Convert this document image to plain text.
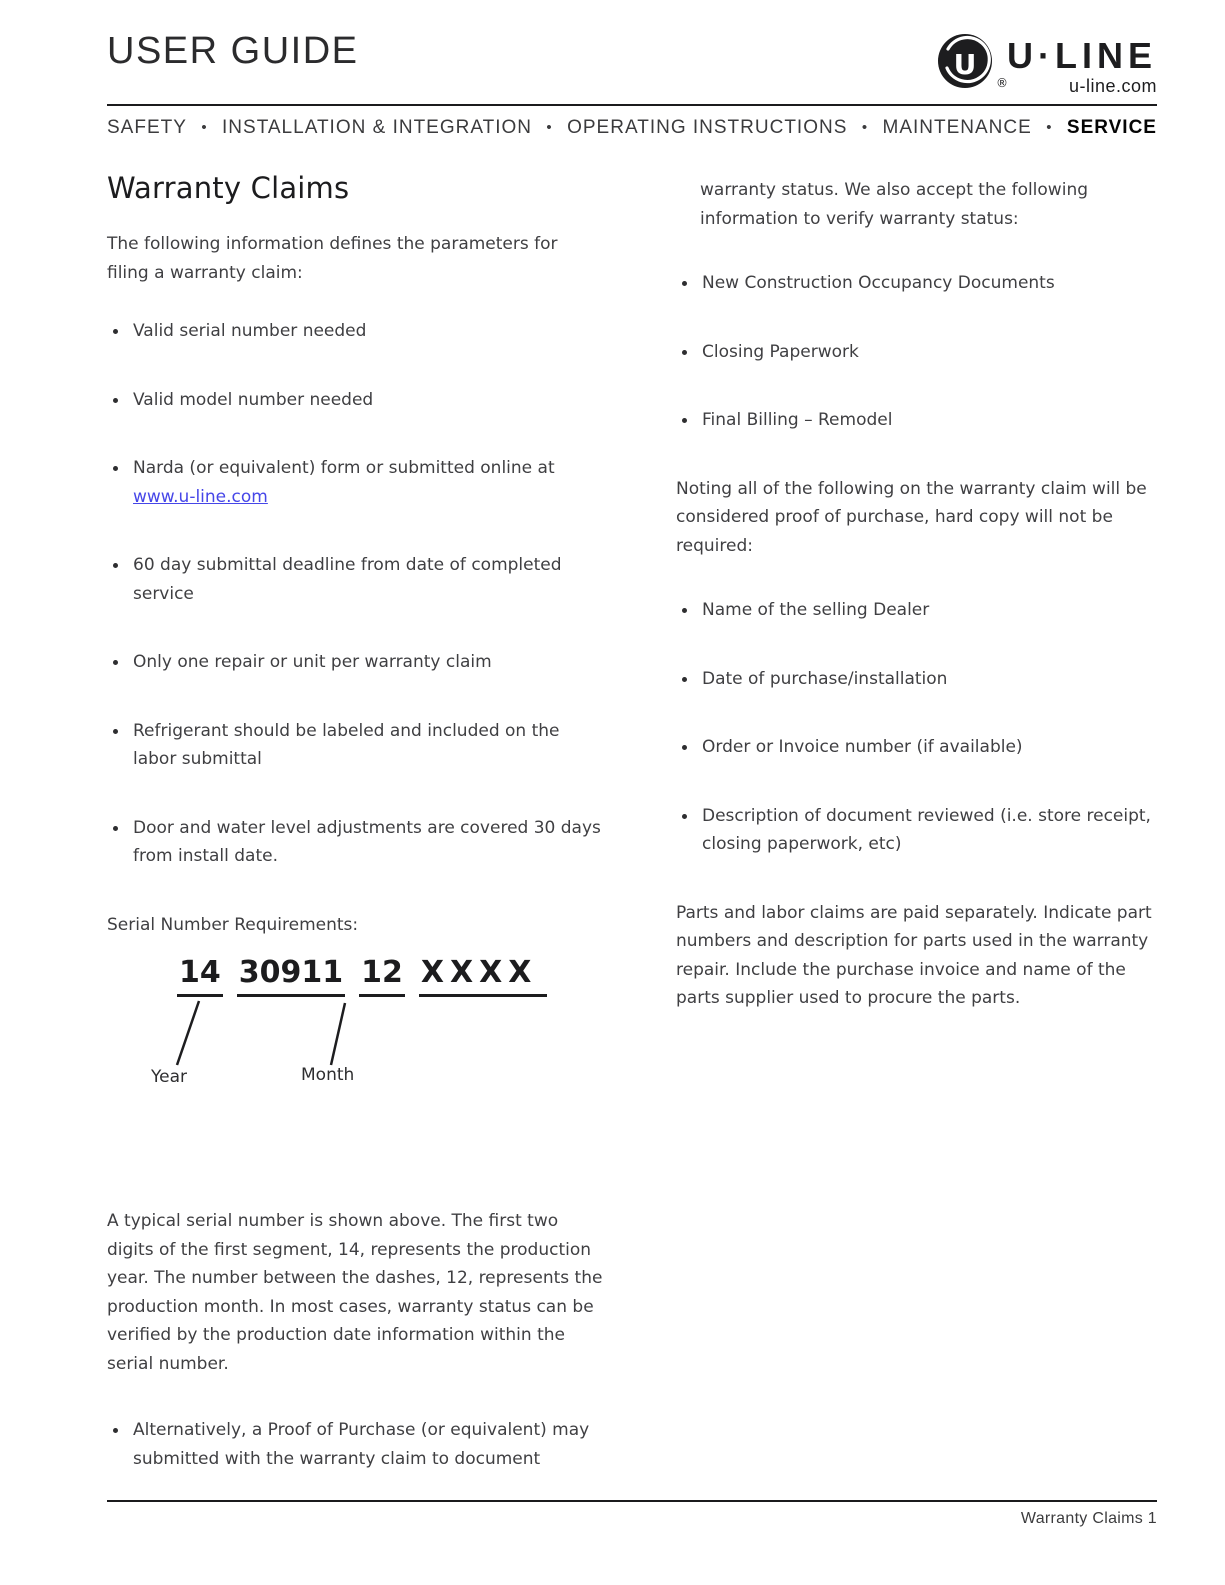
USER GUIDE	U
®
U·LINE
u-line.com
SAFETY • INSTALLATION & INTEGRATION • OPERATING INSTRUCTIONS • MAINTENANCE • SERVICE
Warranty Claims

The following information defines the parameters for filing a warranty claim:

Valid serial number needed
Valid model number needed
Narda (or equivalent) form or submitted online at www.u-line.com
60 day submittal deadline from date of completed service
Only one repair or unit per warranty claim
Refrigerant should be labeled and included on the labor submittal
Door and water level adjustments are covered 30 days from install date.

Serial Number Requirements:

14 30911 12 XXXX
Year	Month

A typical serial number is shown above. The first two digits of the first segment, 14, represents the production year. The number between the dashes, 12, represents the production month. In most cases, warranty status can be verified by the production date information within the serial number.

Alternatively, a Proof of Purchase (or equivalent) may submitted with the warranty claim to document

warranty status. We also accept the following information to verify warranty status:

New Construction Occupancy Documents
Closing Paperwork
Final Billing – Remodel

Noting all of the following on the warranty claim will be considered proof of purchase, hard copy will not be required:

Name of the selling Dealer
Date of purchase/installation
Order or Invoice number (if available)
Description of document reviewed (i.e. store receipt, closing paperwork, etc)

Parts and labor claims are paid separately. Indicate part numbers and description for parts used in the warranty repair. Include the purchase invoice and name of the parts supplier used to procure the parts.

Warranty Claims 1
